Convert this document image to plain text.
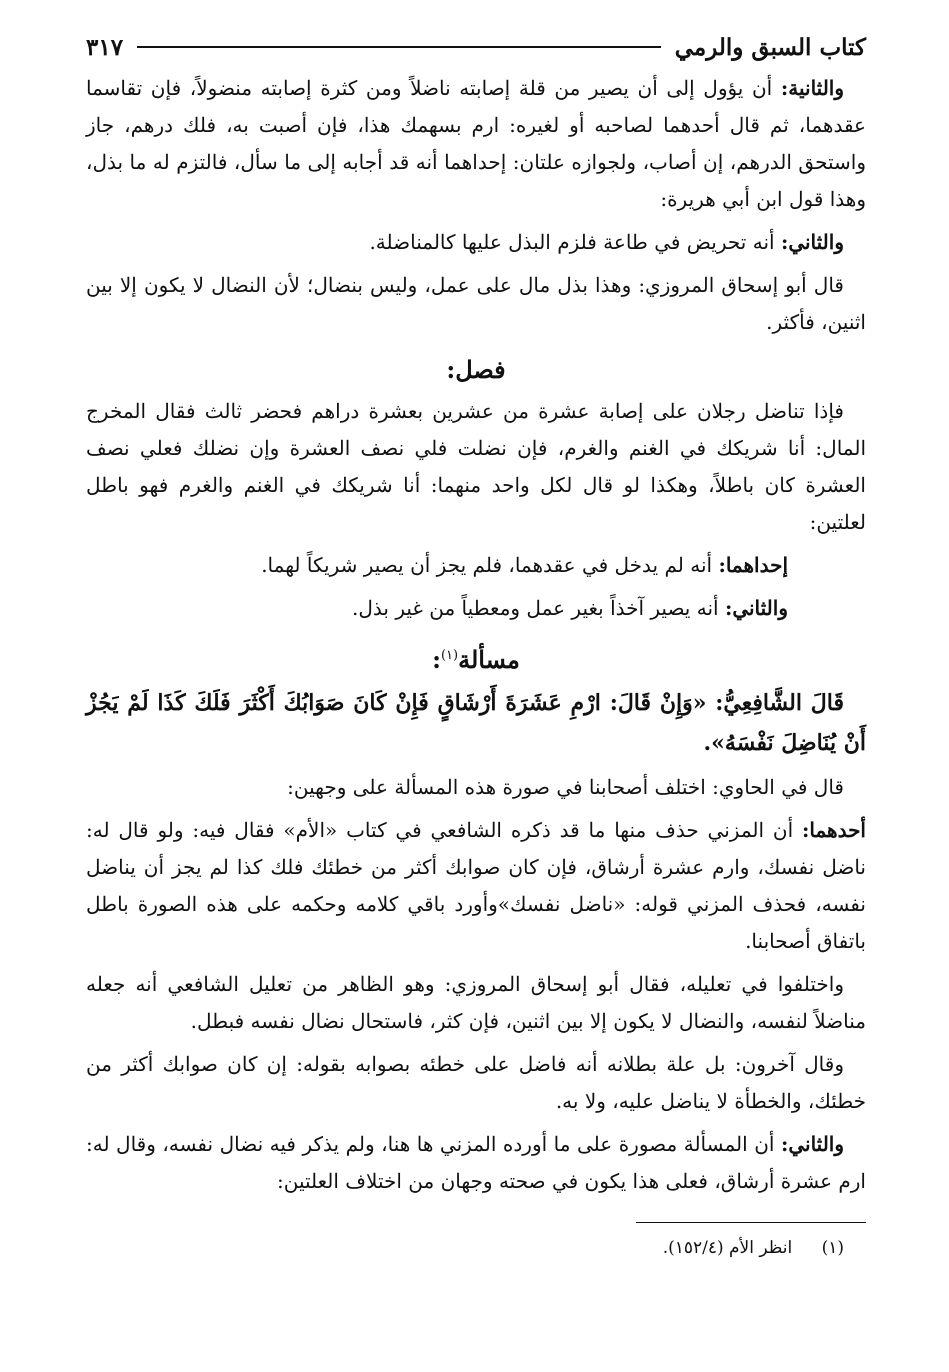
كتاب السبق والرمي
٣١٧

والثانية: أن يؤول إلى أن يصير من قلة إصابته ناضلاً ومن كثرة إصابته منضولاً، فإن تقاسما عقدهما، ثم قال أحدهما لصاحبه أو لغيره: ارم بسهمك هذا، فإن أصبت به، فلك درهم، جاز واستحق الدرهم، إن أصاب، ولجوازه علتان: إحداهما أنه قد أجابه إلى ما سأل، فالتزم له ما بذل، وهذا قول ابن أبي هريرة:

والثاني: أنه تحريض في طاعة فلزم البذل عليها كالمناضلة.

قال أبو إسحاق المروزي: وهذا بذل مال على عمل، وليس بنضال؛ لأن النضال لا يكون إلا بين اثنين، فأكثر.

فصل:

فإذا تناضل رجلان على إصابة عشرة من عشرين بعشرة دراهم فحضر ثالث فقال المخرج المال: أنا شريكك في الغنم والغرم، فإن نضلت فلي نصف العشرة وإن نضلك فعلي نصف العشرة كان باطلاً، وهكذا لو قال لكل واحد منهما: أنا شريكك في الغنم والغرم فهو باطل لعلتين:

إحداهما: أنه لم يدخل في عقدهما، فلم يجز أن يصير شريكاً لهما.

والثاني: أنه يصير آخذاً بغير عمل ومعطياً من غير بذل.

مسألة$^{(١)}$:

قَالَ الشَّافِعِيُّ: «وَإِنْ قَالَ: ارْمِ عَشَرَةَ أَرْشَاقٍ فَإِنْ كَانَ صَوَابُكَ أَكْثَرَ فَلَكَ كَذَا لَمْ يَجُزْ أَنْ يُنَاضِلَ نَفْسَهُ».

قال في الحاوي: اختلف أصحابنا في صورة هذه المسألة على وجهين:

أحدهما: أن المزني حذف منها ما قد ذكره الشافعي في كتاب «الأم» فقال فيه: ولو قال له: ناضل نفسك، وارم عشرة أرشاق، فإن كان صوابك أكثر من خطئك فلك كذا لم يجز أن يناضل نفسه، فحذف المزني قوله: «ناضل نفسك»وأورد باقي كلامه وحكمه على هذه الصورة باطل باتفاق أصحابنا.

واختلفوا في تعليله، فقال أبو إسحاق المروزي: وهو الظاهر من تعليل الشافعي أنه جعله مناضلاً لنفسه، والنضال لا يكون إلا بين اثنين، فإن كثر، فاستحال نضال نفسه فبطل.

وقال آخرون: بل علة بطلانه أنه فاضل على خطئه بصوابه بقوله: إن كان صوابك أكثر من خطئك، والخطأة لا يناضل عليه، ولا به.

والثاني: أن المسألة مصورة على ما أورده المزني ها هنا، ولم يذكر فيه نضال نفسه، وقال له: ارم عشرة أرشاق، فعلى هذا يكون في صحته وجهان من اختلاف العلتين:

(١) انظر الأم (١٥٢/٤).
